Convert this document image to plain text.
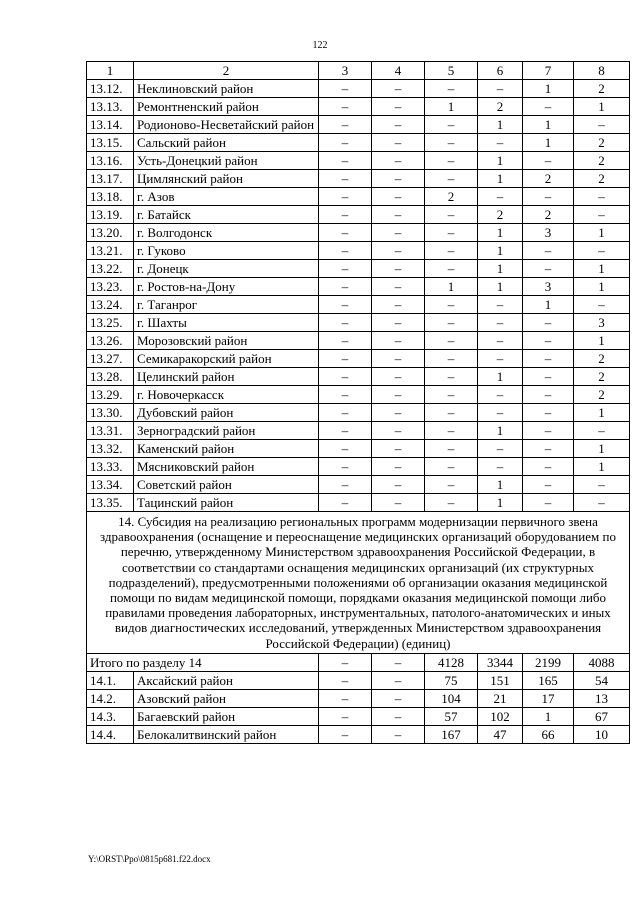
122
1	2	3	4	5	6	7	8
13.12.	Неклиновский район	–	–	–	–	1	2
13.13.	Ремонтненский район	–	–	1	2	–	1
13.14.	Родионово-Несветайский район	–	–	–	1	1	–
13.15.	Сальский район	–	–	–	–	1	2
13.16.	Усть-Донецкий район	–	–	–	1	–	2
13.17.	Цимлянский район	–	–	–	1	2	2
13.18.	г. Азов	–	–	2	–	–	–
13.19.	г. Батайск	–	–	–	2	2	–
13.20.	г. Волгодонск	–	–	–	1	3	1
13.21.	г. Гуково	–	–	–	1	–	–
13.22.	г. Донецк	–	–	–	1	–	1
13.23.	г. Ростов-на-Дону	–	–	1	1	3	1
13.24.	г. Таганрог	–	–	–	–	1	–
13.25.	г. Шахты	–	–	–	–	–	3
13.26.	Морозовский район	–	–	–	–	–	1
13.27.	Семикаракорский район	–	–	–	–	–	2
13.28.	Целинский район	–	–	–	1	–	2
13.29.	г. Новочеркасск	–	–	–	–	–	2
13.30.	Дубовский район	–	–	–	–	–	1
13.31.	Зерноградский район	–	–	–	1	–	–
13.32.	Каменский район	–	–	–	–	–	1
13.33.	Мясниковский район	–	–	–	–	–	1
13.34.	Советский район	–	–	–	1	–	–
13.35.	Тацинский район	–	–	–	1	–	–
14. Субсидия на реализацию региональных программ модернизации первичного звена здравоохранения (оснащение и переоснащение медицинских организаций оборудованием по перечню, утвержденному Министерством здравоохранения Российской Федерации, в соответствии со стандартами оснащения медицинских организаций (их структурных подразделений), предусмотренными положениями об организации оказания медицинской помощи по видам медицинской помощи, порядками оказания медицинской помощи либо правилами проведения лабораторных, инструментальных, патолого-анатомических и иных видов диагностических исследований, утвержденных Министерством здравоохранения Российской Федерации) (единиц)							
Итого по разделу 14		–	–	4128	3344	2199	4088
14.1.	Аксайский район	–	–	75	151	165	54
14.2.	Азовский район	–	–	104	21	17	13
14.3.	Багаевский район	–	–	57	102	1	67
14.4.	Белокалитвинский район	–	–	167	47	66	10
Y:\ORST\Ppo\0815p681.f22.docx
